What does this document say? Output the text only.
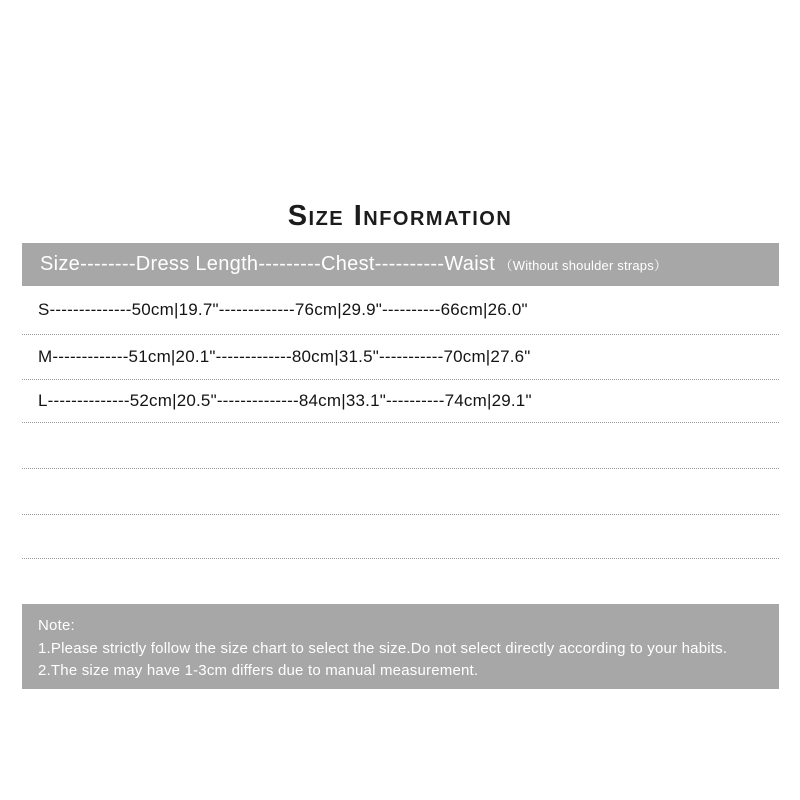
Size Information
Size--------Dress Length---------Chest----------Waist （Without shoulder straps）
S--------------50cm|19.7"-------------76cm|29.9"----------66cm|26.0"
M-------------51cm|20.1"-------------80cm|31.5"-----------70cm|27.6"
L--------------52cm|20.5"--------------84cm|33.1"----------74cm|29.1"
Note:
1.Please strictly follow the size chart to select the size.Do not select directly according to your habits.
2.The size may have 1-3cm differs due to manual measurement.
